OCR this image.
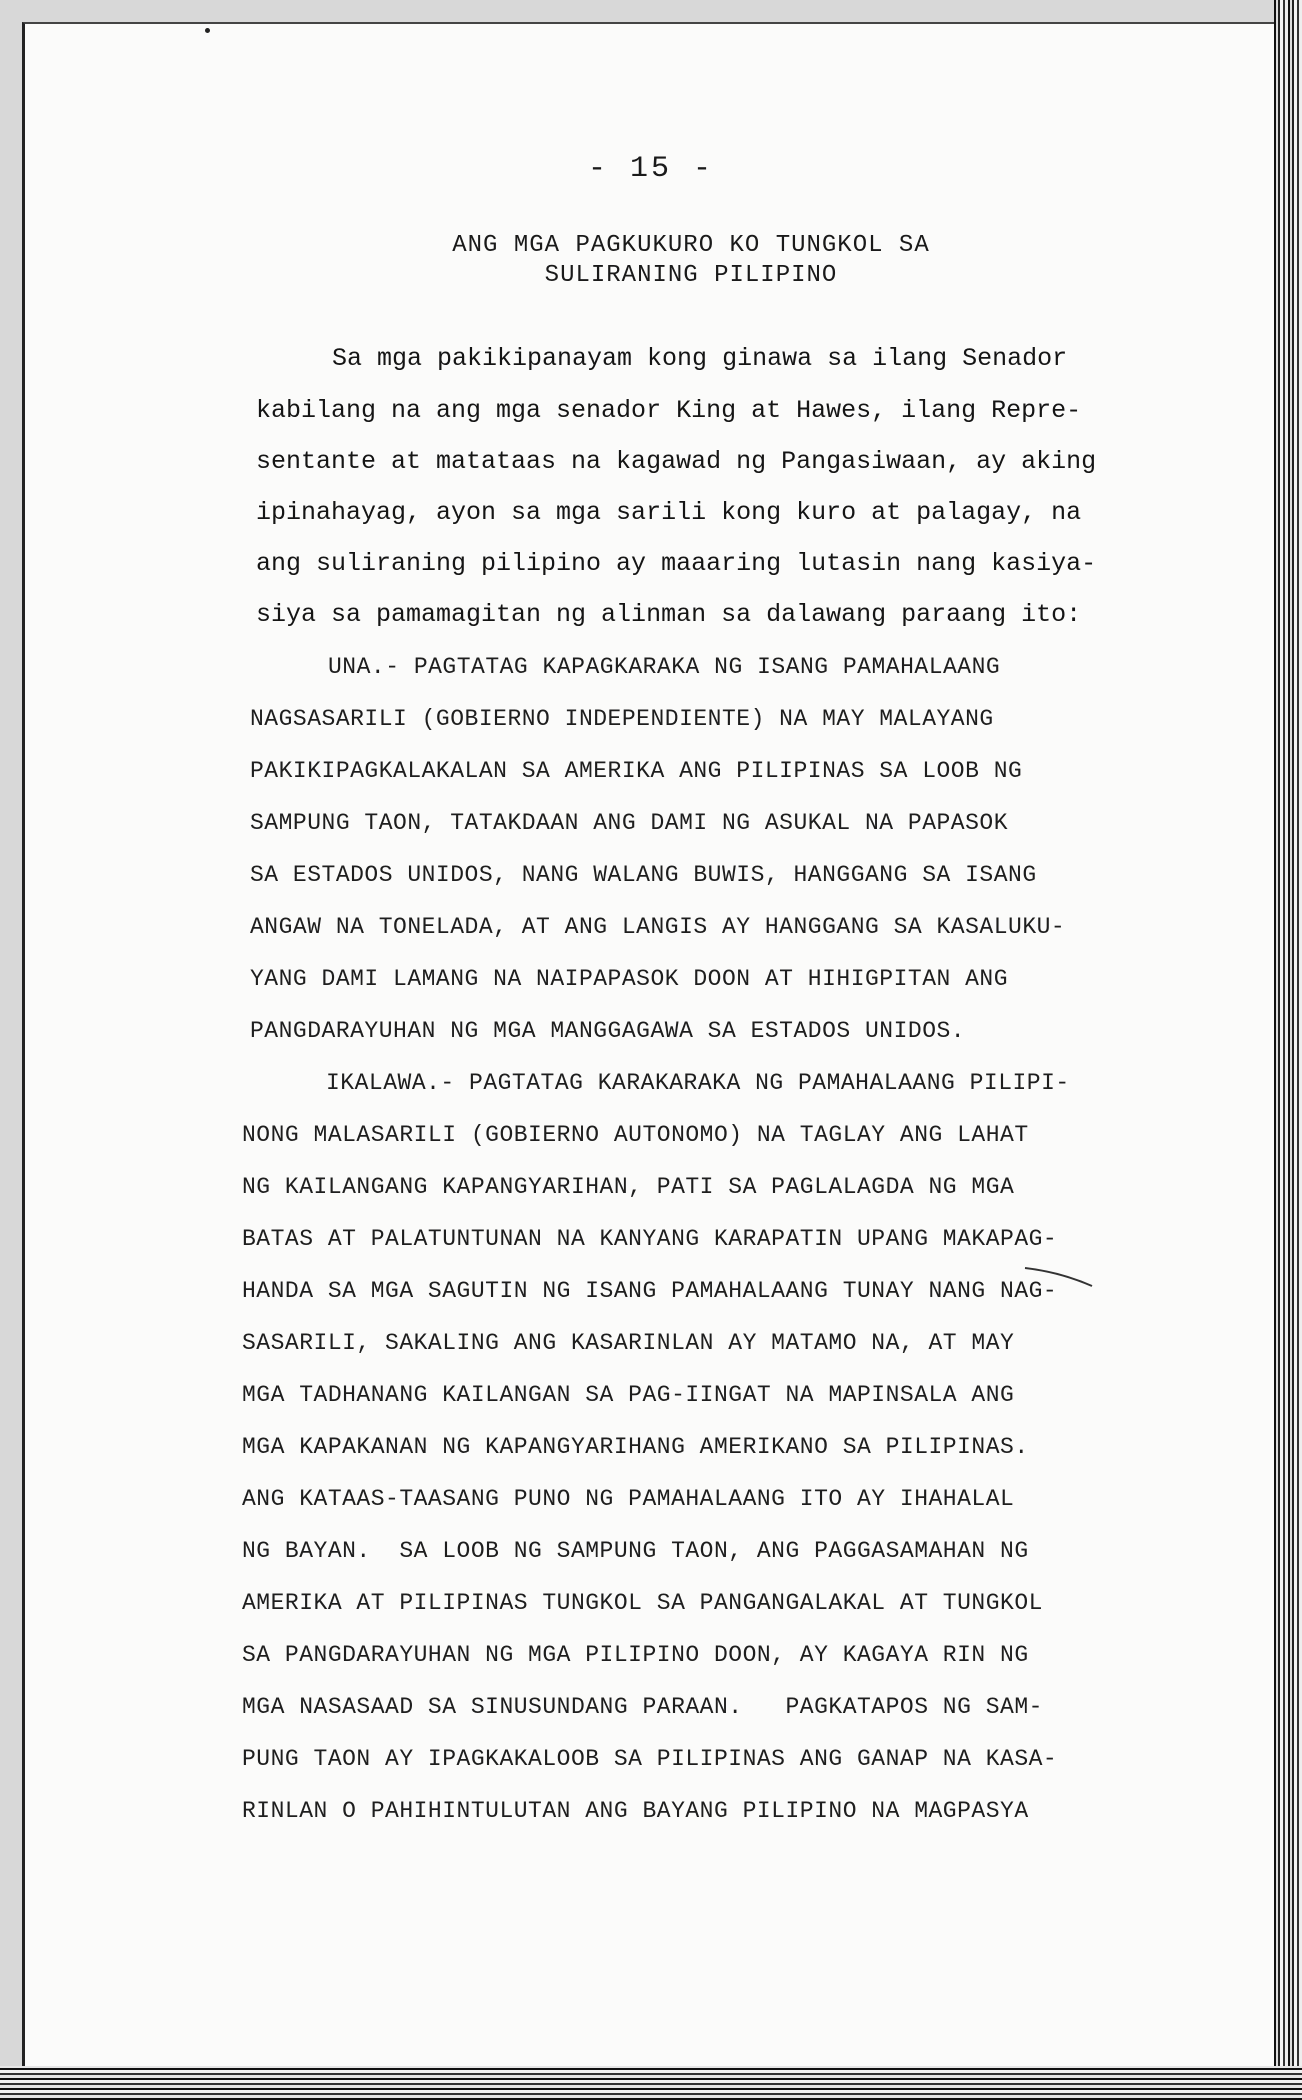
- 15 -
ANG MGA PAGKUKURO KO TUNGKOL SA
SULIRANING PILIPINO
Sa mga pakikipanayam kong ginawa sa ilang Senador
kabilang na ang mga senador King at Hawes, ilang Repre-
sentante at matataas na kagawad ng Pangasiwaan, ay aking
ipinahayag, ayon sa mga sarili kong kuro at palagay, na
ang suliraning pilipino ay maaaring lutasin nang kasiya-
siya sa pamamagitan ng alinman sa dalawang paraang ito:
UNA.- PAGTATAG KAPAGKARAKA NG ISANG PAMAHALAANG
NAGSASARILI (GOBIERNO INDEPENDIENTE) NA MAY MALAYANG
PAKIKIPAGKALAKALAN SA AMERIKA ANG PILIPINAS SA LOOB NG
SAMPUNG TAON, TATAKDAAN ANG DAMI NG ASUKAL NA PAPASOK
SA ESTADOS UNIDOS, NANG WALANG BUWIS, HANGGANG SA ISANG
ANGAW NA TONELADA, AT ANG LANGIS AY HANGGANG SA KASALUKU-
YANG DAMI LAMANG NA NAIPAPASOK DOON AT HIHIGPITAN ANG
PANGDARAYUHAN NG MGA MANGGAGAWA SA ESTADOS UNIDOS.
IKALAWA.- PAGTATAG KARAKARAKA NG PAMAHALAANG PILIPI-
NONG MALASARILI (GOBIERNO AUTONOMO) NA TAGLAY ANG LAHAT
NG KAILANGANG KAPANGYARIHAN, PATI SA PAGLALAGDA NG MGA
BATAS AT PALATUNTUNAN NA KANYANG KARAPATIN UPANG MAKAPAG-
HANDA SA MGA SAGUTIN NG ISANG PAMAHALAANG TUNAY NANG NAG-
SASARILI, SAKALING ANG KASARINLAN AY MATAMO NA, AT MAY
MGA TADHANANG KAILANGAN SA PAG-IINGAT NA MAPINSALA ANG
MGA KAPAKANAN NG KAPANGYARIHANG AMERIKANO SA PILIPINAS.
ANG KATAAS-TAASANG PUNO NG PAMAHALAANG ITO AY IHAHALAL
NG BAYAN.  SA LOOB NG SAMPUNG TAON, ANG PAGGASAMAHAN NG
AMERIKA AT PILIPINAS TUNGKOL SA PANGANGALAKAL AT TUNGKOL
SA PANGDARAYUHAN NG MGA PILIPINO DOON, AY KAGAYA RIN NG
MGA NASASAAD SA SINUSUNDANG PARAAN.   PAGKATAPOS NG SAM-
PUNG TAON AY IPAGKAKALOOB SA PILIPINAS ANG GANAP NA KASA-
RINLAN O PAHIHINTULUTAN ANG BAYANG PILIPINO NA MAGPASYA
